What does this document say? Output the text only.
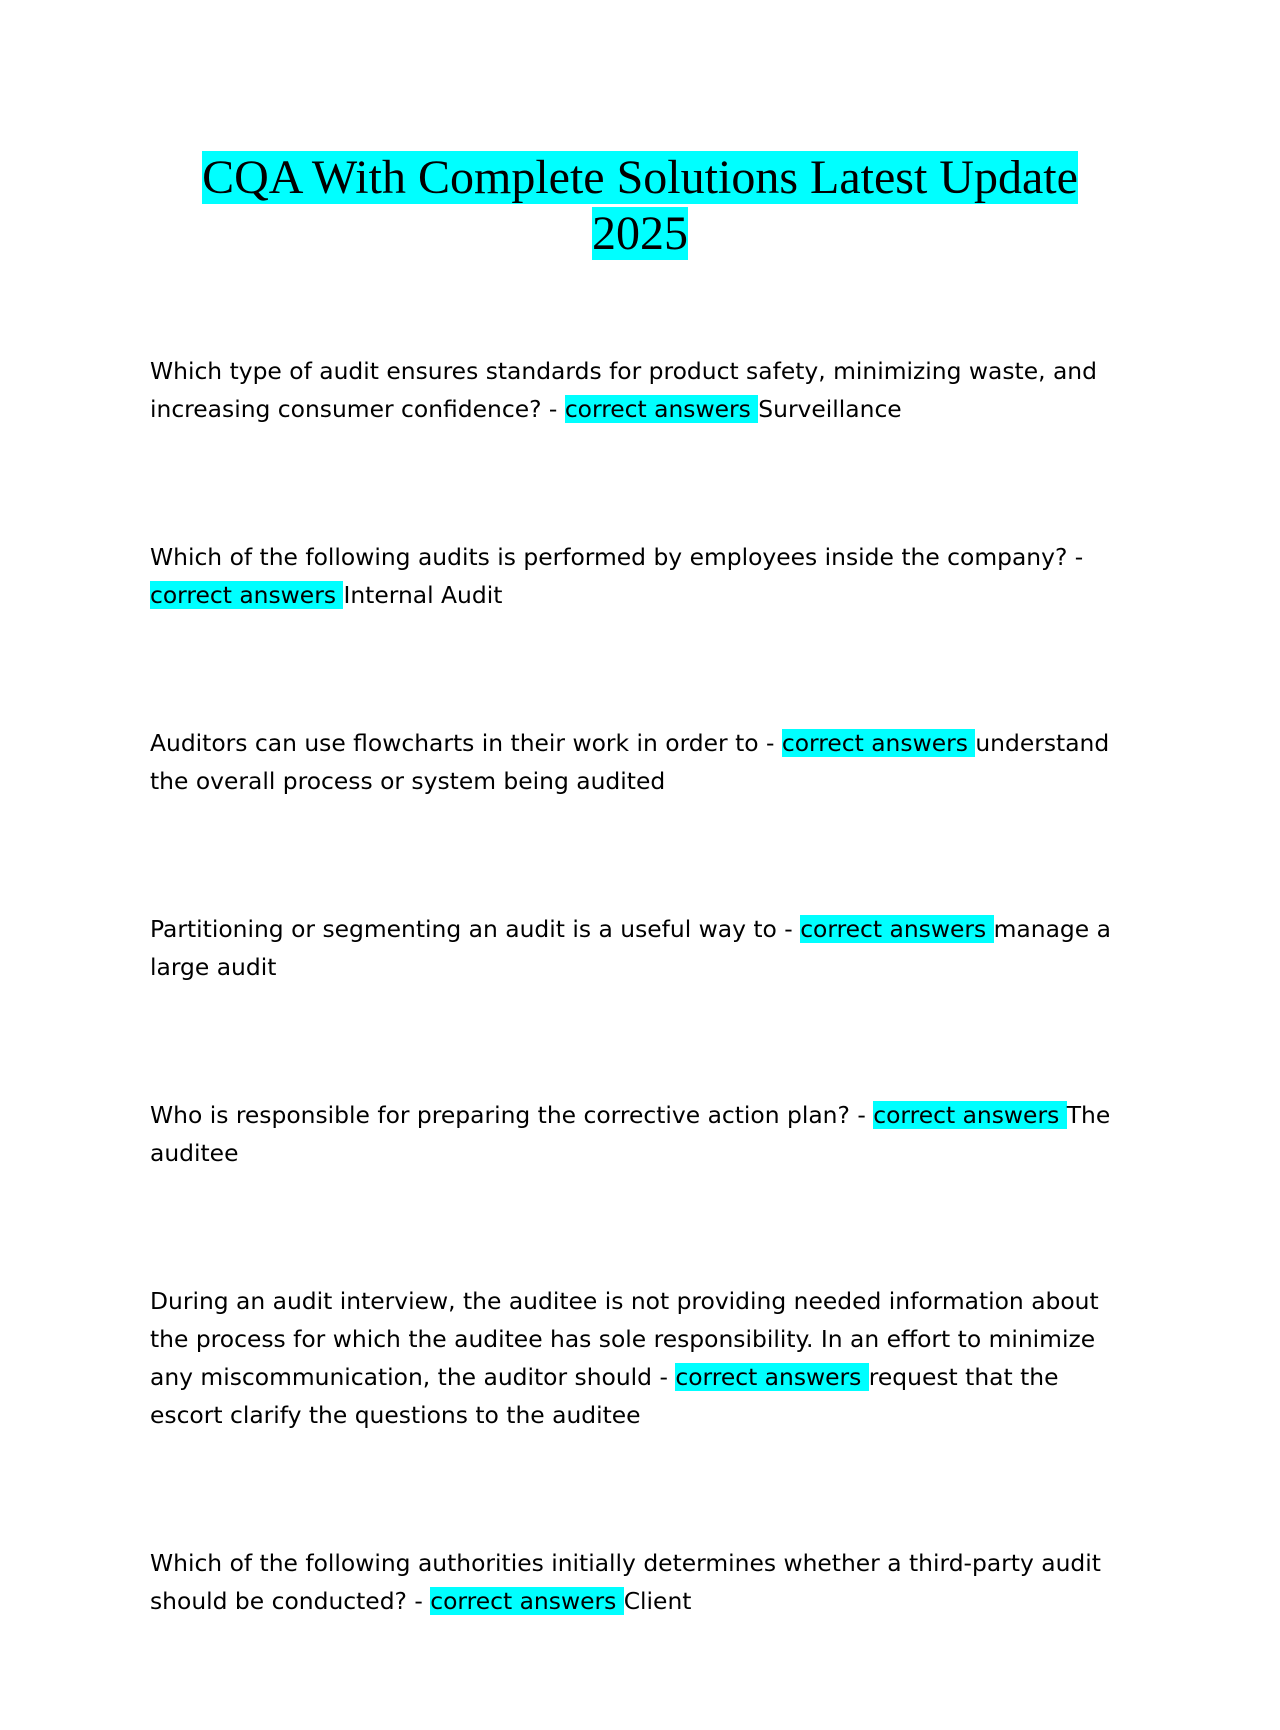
CQA With Complete Solutions Latest Update 2025
Which type of audit ensures standards for product safety, minimizing waste, and increasing consumer confidence? - correct answers Surveillance
Which of the following audits is performed by employees inside the company? - correct answers Internal Audit
Auditors can use flowcharts in their work in order to - correct answers understand the overall process or system being audited
Partitioning or segmenting an audit is a useful way to - correct answers manage a large audit
Who is responsible for preparing the corrective action plan? - correct answers The auditee
During an audit interview, the auditee is not providing needed information about the process for which the auditee has sole responsibility. In an effort to minimize any miscommunication, the auditor should - correct answers request that the escort clarify the questions to the auditee
Which of the following authorities initially determines whether a third-party audit should be conducted? - correct answers Client
